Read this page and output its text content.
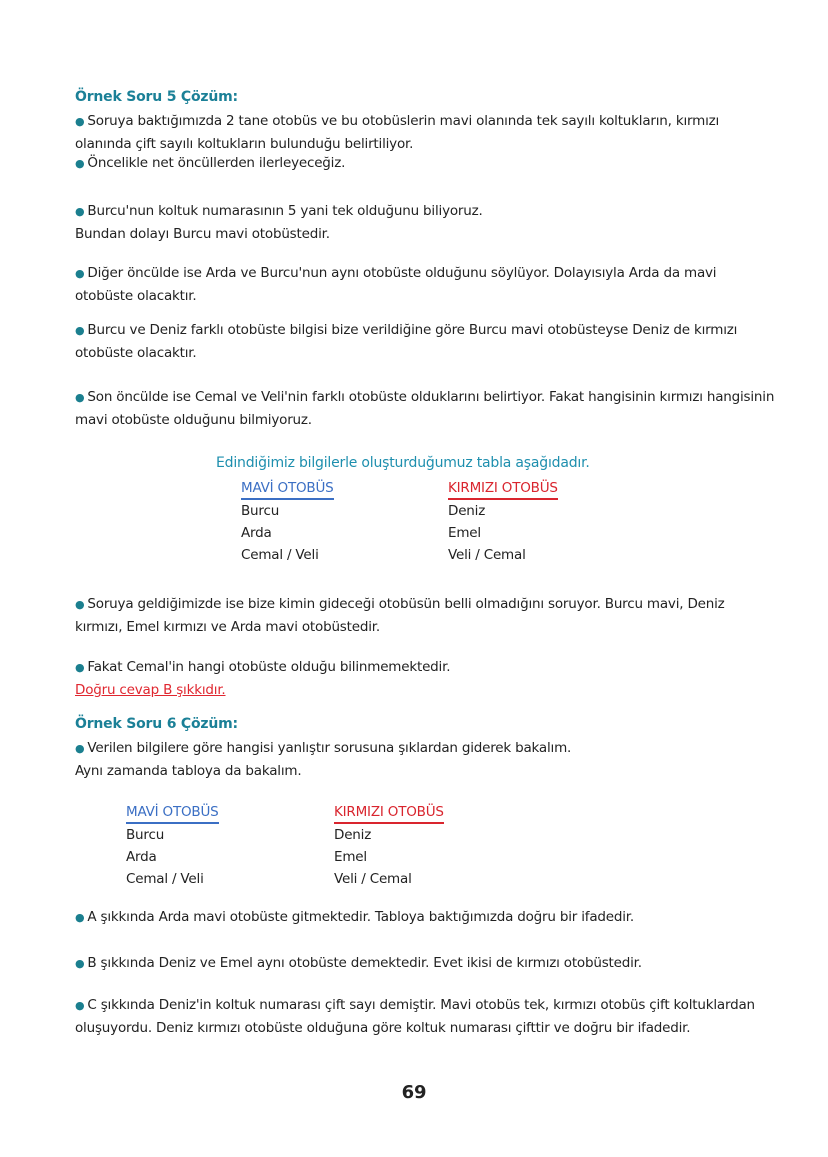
Örnek Soru 5 Çözüm:
● Soruya baktığımızda 2 tane otobüs ve bu otobüslerin mavi olanında tek sayılı koltukların, kırmızı olanında çift sayılı koltukların bulunduğu belirtiliyor.
● Öncelikle net öncüllerden ilerleyeceğiz.
● Burcu'nun koltuk numarasının 5 yani tek olduğunu biliyoruz.
Bundan dolayı Burcu mavi otobüstedir.
● Diğer öncülde ise Arda ve Burcu'nun aynı otobüste olduğunu söylüyor. Dolayısıyla Arda da mavi otobüste olacaktır.
● Burcu ve Deniz farklı otobüste bilgisi bize verildiğine göre Burcu mavi otobüsteyse Deniz de kırmızı otobüste olacaktır.
● Son öncülde ise Cemal ve Veli'nin farklı otobüste olduklarını belirtiyor. Fakat hangisinin kırmızı hangisinin mavi otobüste olduğunu bilmiyoruz.
Edindiğimiz bilgilerle oluşturduğumuz tabla aşağıdadır.
MAVİ OTOBÜS
Burcu
Arda
Cemal / Veli
KIRMIZI OTOBÜS
Deniz
Emel
Veli / Cemal
● Soruya geldiğimizde ise bize kimin gideceği otobüsün belli olmadığını soruyor. Burcu mavi, Deniz kırmızı, Emel kırmızı ve Arda mavi otobüstedir.
● Fakat Cemal'in hangi otobüste olduğu bilinmemektedir.
Doğru cevap B şıkkıdır.
Örnek Soru 6 Çözüm:
● Verilen bilgilere göre hangisi yanlıştır sorusuna şıklardan giderek bakalım.
Aynı zamanda tabloya da bakalım.
MAVİ OTOBÜS
Burcu
Arda
Cemal / Veli
KIRMIZI OTOBÜS
Deniz
Emel
Veli / Cemal
● A şıkkında Arda mavi otobüste gitmektedir. Tabloya baktığımızda doğru bir ifadedir.
● B şıkkında Deniz ve Emel aynı otobüste demektedir. Evet ikisi de kırmızı otobüstedir.
● C şıkkında Deniz'in koltuk numarası çift sayı demiştir. Mavi otobüs tek, kırmızı otobüs çift koltuklardan oluşuyordu. Deniz kırmızı otobüste olduğuna göre koltuk numarası çifttir ve doğru bir ifadedir.
69
